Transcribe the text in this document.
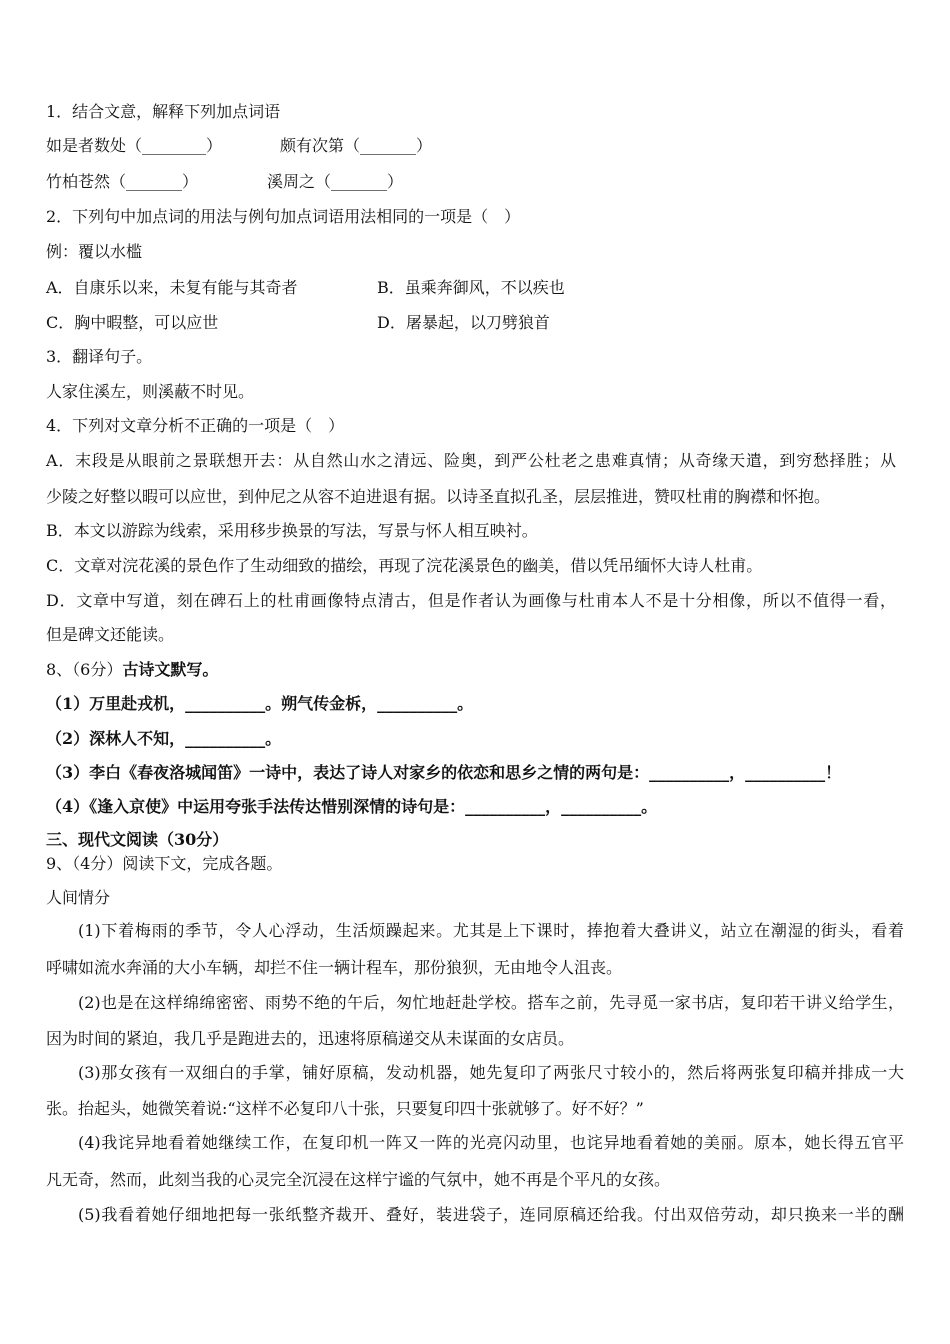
1．结合文意，解释下列加点词语
如是者数处（________）	颇有次第（_______）
竹柏苍然（_______）	溪周之（_______）
2．下列句中加点词的用法与例句加点词语用法相同的一项是（　）
例：覆以水槛
A．自康乐以来，未复有能与其奇者	B．虽乘奔御风，不以疾也
C．胸中暇整，可以应世	D．屠暴起，以刀劈狼首
3．翻译句子。
人家住溪左，则溪蔽不时见。
4．下列对文章分析不正确的一项是（　）
A．末段是从眼前之景联想开去：从自然山水之清远、险奥，到严公杜老之患难真情；从奇缘天遣，到穷愁择胜；从
少陵之好整以暇可以应世，到仲尼之从容不迫进退有据。以诗圣直拟孔圣，层层推进，赞叹杜甫的胸襟和怀抱。
B．本文以游踪为线索，采用移步换景的写法，写景与怀人相互映衬。
C．文章对浣花溪的景色作了生动细致的描绘，再现了浣花溪景色的幽美，借以凭吊缅怀大诗人杜甫。
D．文章中写道，刻在碑石上的杜甫画像特点清古，但是作者认为画像与杜甫本人不是十分相像，所以不值得一看，
但是碑文还能读。
8、（6分）古诗文默写。
（1）万里赴戎机，__________。朔气传金柝，__________。
（2）深林人不知，__________。
（3）李白《春夜洛城闻笛》一诗中，表达了诗人对家乡的依恋和思乡之情的两句是：__________，__________！
（4）《逢入京使》中运用夸张手法传达惜别深情的诗句是：__________，__________。
三、现代文阅读（30分）
9、（4分）阅读下文，完成各题。
人间情分
(1)下着梅雨的季节，令人心浮动，生活烦躁起来。尤其是上下课时，捧抱着大叠讲义，站立在潮湿的街头，看着
呼啸如流水奔涌的大小车辆，却拦不住一辆计程车，那份狼狈，无由地令人沮丧。
(2)也是在这样绵绵密密、雨势不绝的午后，匆忙地赶赴学校。搭车之前，先寻觅一家书店，复印若干讲义给学生，
因为时间的紧迫，我几乎是跑进去的，迅速将原稿递交从未谋面的女店员。
(3)那女孩有一双细白的手掌，铺好原稿，发动机器，她先复印了两张尺寸较小的，然后将两张复印稿并排成一大
张。抬起头，她微笑着说:“这样不必复印八十张，只要复印四十张就够了。好不好？”
(4)我诧异地看着她继续工作，在复印机一阵又一阵的光亮闪动里，也诧异地看着她的美丽。原本，她长得五官平
凡无奇，然而，此刻当我的心灵完全沉浸在这样宁谧的气氛中，她不再是个平凡的女孩。
(5)我看着她仔细地把每一张纸整齐裁开、叠好，装进袋子，连同原稿还给我。付出双倍劳动，却只换来一半的酬
